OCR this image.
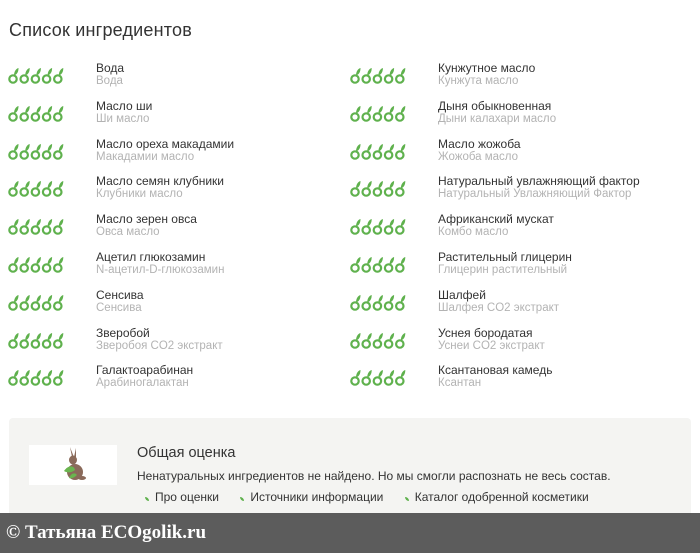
Список ингредиентов
Вода
Вода
Кунжутное масло
Кунжута масло
Масло ши
Ши масло
Дыня обыкновенная
Дыни калахари масло
Масло ореха макадамии
Макадамии масло
Масло жожоба
Жожоба масло
Масло семян клубники
Клубники масло
Натуральный увлажняющий фактор
Натуральный Увлажняющий Фактор
Масло зерен овса
Овса масло
Африканский мускат
Комбо масло
Ацетил глюкозамин
N-ацетил-D-глюкозамин
Растительный глицерин
Глицерин растительный
Сенсива
Сенсива
Шалфей
Шалфея CO2 экстракт
Зверобой
Зверобоя CO2 экстракт
Уснея бородатая
Уснеи CO2 экстракт
Галактоарабинан
Арабиногалактан
Ксантановая камедь
Ксантан
Общая оценка
Ненатуральных ингредиентов не найдено. Но мы смогли распознать не весь состав.
Про оценки	Источники информации	Каталог одобренной косметики
© Татьяна ECOgolik.ru
